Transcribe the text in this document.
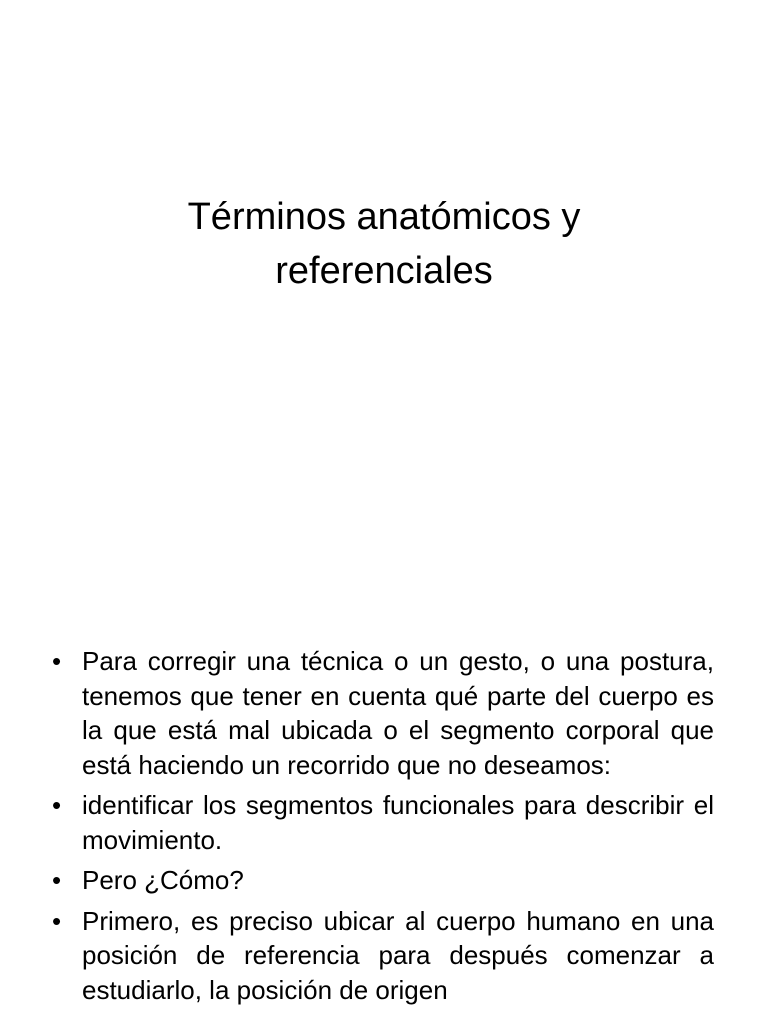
Términos anatómicos y
referenciales
• Para corregir una técnica o un gesto, o una postura, tenemos que tener en cuenta qué parte del cuerpo es la que está mal ubicada o el segmento corporal que está haciendo un recorrido que no deseamos:
• identificar los segmentos funcionales para describir el movimiento.
• Pero ¿Cómo?
• Primero, es preciso ubicar al cuerpo humano en una posición de referencia para después comenzar a estudiarlo, la posición de origen
